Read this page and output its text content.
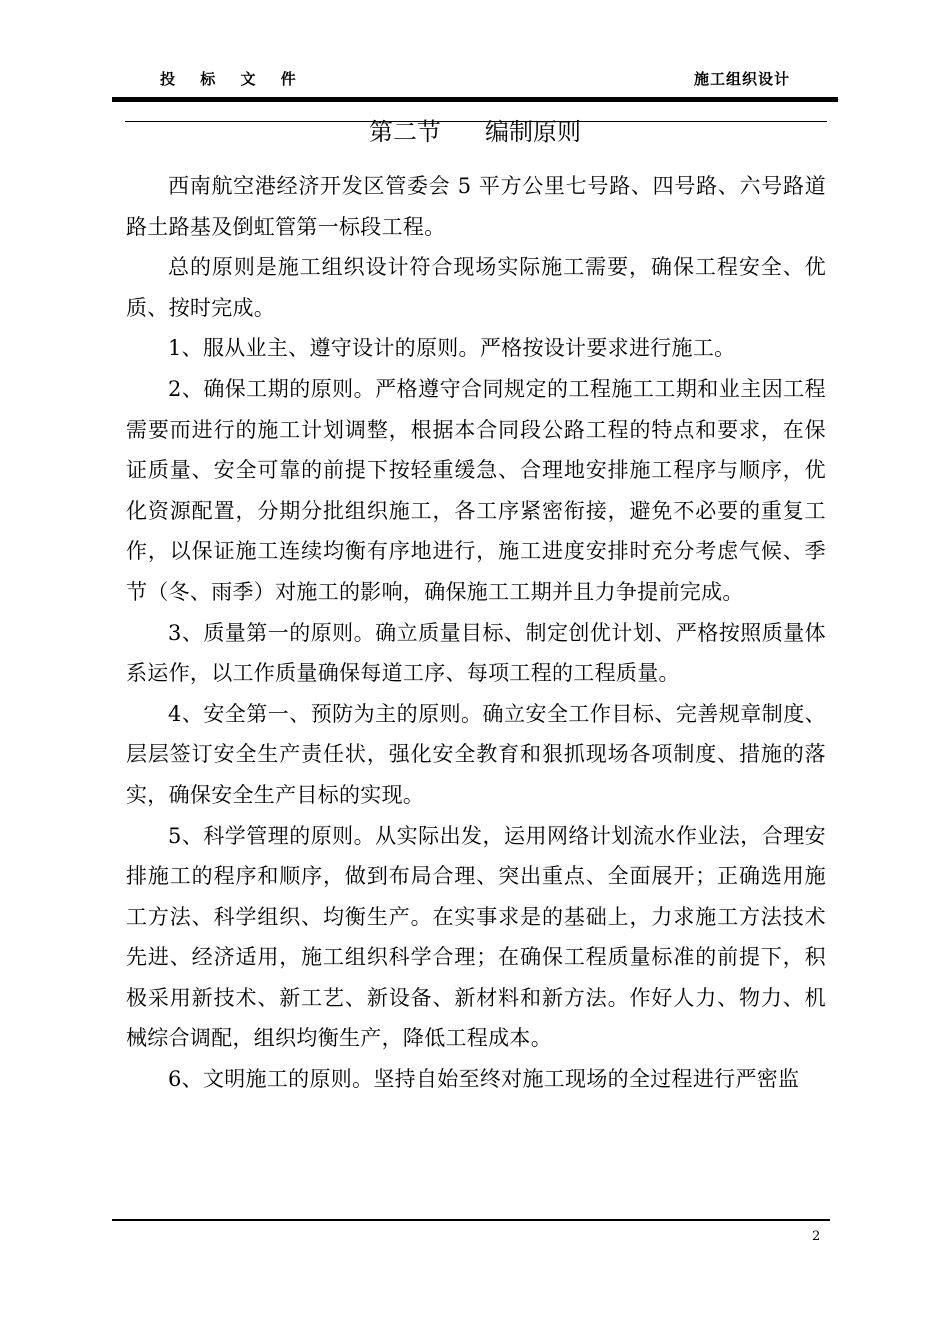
投 标 文 件	施工组织设计
第二节 编制原则

西南航空港经济开发区管委会 5 平方公里七号路、四号路、六号路道路土路基及倒虹管第一标段工程。

总的原则是施工组织设计符合现场实际施工需要，确保工程安全、优质、按时完成。

1、服从业主、遵守设计的原则。严格按设计要求进行施工。

2、确保工期的原则。严格遵守合同规定的工程施工工期和业主因工程需要而进行的施工计划调整，根据本合同段公路工程的特点和要求，在保证质量、安全可靠的前提下按轻重缓急、合理地安排施工程序与顺序，优化资源配置，分期分批组织施工，各工序紧密衔接，避免不必要的重复工作，以保证施工连续均衡有序地进行，施工进度安排时充分考虑气候、季节（冬、雨季）对施工的影响，确保施工工期并且力争提前完成。

3、质量第一的原则。确立质量目标、制定创优计划、严格按照质量体系运作，以工作质量确保每道工序、每项工程的工程质量。

4、安全第一、预防为主的原则。确立安全工作目标、完善规章制度、层层签订安全生产责任状，强化安全教育和狠抓现场各项制度、措施的落实，确保安全生产目标的实现。

5、科学管理的原则。从实际出发，运用网络计划流水作业法，合理安排施工的程序和顺序，做到布局合理、突出重点、全面展开；正确选用施工方法、科学组织、均衡生产。在实事求是的基础上，力求施工方法技术先进、经济适用，施工组织科学合理；在确保工程质量标准的前提下，积极采用新技术、新工艺、新设备、新材料和新方法。作好人力、物力、机械综合调配，组织均衡生产，降低工程成本。

6、文明施工的原则。坚持自始至终对施工现场的全过程进行严密监

2
